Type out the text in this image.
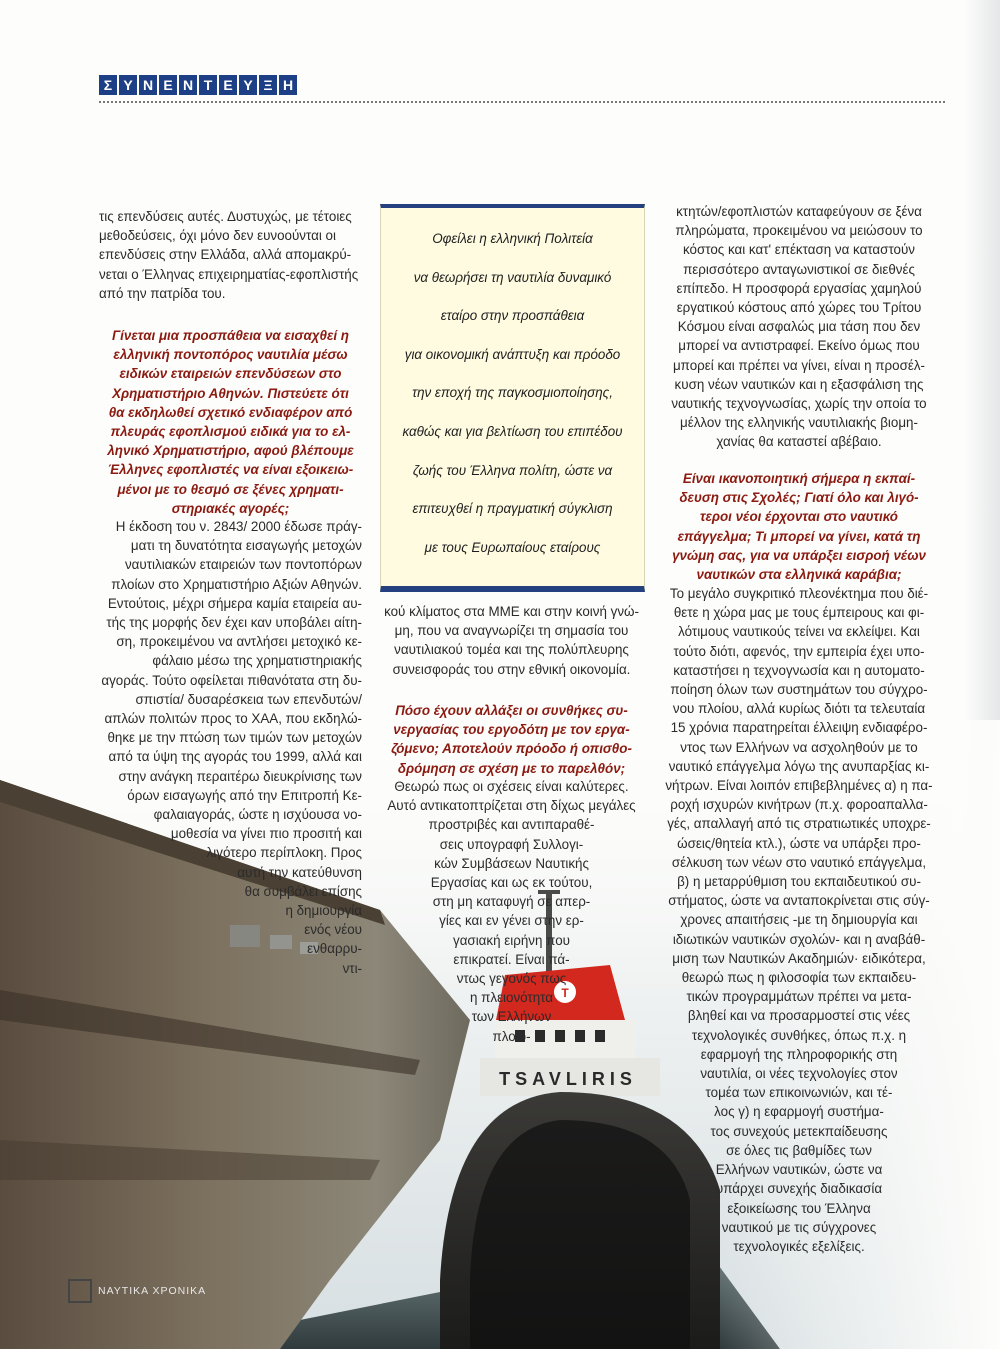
Σ Υ Ν Ε Ν Τ Ε Υ Ξ Η
T
TSAVLIRIS

τις επενδύσεις αυτές. Δυστυχώς, με τέτοιες

μεθοδεύσεις, όχι μόνο δεν ευνοούνται οι

επενδύσεις στην Ελλάδα, αλλά απομακρύ-

νεται ο Έλληνας επιχειρηματίας-εφοπλιστής

από την πατρίδα του.

Γίνεται μια προσπάθεια να εισαχθεί η

ελληνική ποντοπόρος ναυτιλία μέσω

ειδικών εταιρειών επενδύσεων στο

Χρηματιστήριο Αθηνών. Πιστεύετε ότι

θα εκδηλωθεί σχετικό ενδιαφέρον από

πλευράς εφοπλισμού ειδικά για το ελ-

ληνικό Χρηματιστήριο, αφού βλέπουμε

Έλληνες εφοπλιστές να είναι εξοικειω-

μένοι με το θεσμό σε ξένες χρηματι-

στηριακές αγορές;

Η έκδοση του ν. 2843/ 2000 έδωσε πράγ-

ματι τη δυνατότητα εισαγωγής μετοχών

ναυτιλιακών εταιρειών των ποντοπόρων

πλοίων στο Χρηματιστήριο Αξιών Αθηνών.

Εντούτοις, μέχρι σήμερα καμία εταιρεία αυ-

τής της μορφής δεν έχει καν υποβάλει αίτη-

ση, προκειμένου να αντλήσει μετοχικό κε-

φάλαιο μέσω της χρηματιστηριακής

αγοράς. Τούτο οφείλεται πιθανότατα στη δυ-

σπιστία/ δυσαρέσκεια των επενδυτών/

απλών πολιτών προς το ΧΑΑ, που εκδηλώ-

θηκε με την πτώση των τιμών των μετοχών

από τα ύψη της αγοράς του 1999, αλλά και

στην ανάγκη περαιτέρω διευκρίνισης των

όρων εισαγωγής από την Επιτροπή Κε-

φαλαιαγοράς, ώστε η ισχύουσα νο-

μοθεσία να γίνει πιο προσιτή και

λιγότερο περίπλοκη. Προς

αυτή την κατεύθυνση

θα συμβάλει επίσης

η δημιουργία

ενός νέου

ενθαρρυ-

ντι-

Οφείλει η ελληνική Πολιτεία

να θεωρήσει τη ναυτιλία δυναμικό

εταίρο στην προσπάθεια

για οικονομική ανάπτυξη και πρόοδο

την εποχή της παγκοσμιοποίησης,

καθώς και για βελτίωση του επιπέδου

ζωής του Έλληνα πολίτη, ώστε να

επιτευχθεί η πραγματική σύγκλιση

με τους Ευρωπαίους εταίρους

κού κλίματος στα ΜΜΕ και στην κοινή γνώ-

μη, που να αναγνωρίζει τη σημασία του

ναυτιλιακού τομέα και της πολύπλευρης

συνεισφοράς του στην εθνική οικονομία.

Πόσο έχουν αλλάξει οι συνθήκες συ-

νεργασίας του εργοδότη με τον εργα-

ζόμενο; Αποτελούν πρόοδο ή οπισθο-

δρόμηση σε σχέση με το παρελθόν;

Θεωρώ πως οι σχέσεις είναι καλύτερες.

Αυτό αντικατοπτρίζεται στη δίχως μεγάλες

προστριβές και αντιπαραθέ-

σεις υπογραφή Συλλογι-

κών Συμβάσεων Ναυτικής

Εργασίας και ως εκ τούτου,

στη μη καταφυγή σε απερ-

γίες και εν γένει στην ερ-

γασιακή ειρήνη που

επικρατεί. Είναι πά-

ντως γεγονός πως

η πλειονότητα

των Ελλήνων

πλοιο-

κτητών/εφοπλιστών καταφεύγουν σε ξένα

πληρώματα, προκειμένου να μειώσουν το

κόστος και κατ' επέκταση να καταστούν

περισσότερο ανταγωνιστικοί σε διεθνές

επίπεδο. Η προσφορά εργασίας χαμηλού

εργατικού κόστους από χώρες του Τρίτου

Κόσμου είναι ασφαλώς μια τάση που δεν

μπορεί να αντιστραφεί. Εκείνο όμως που

μπορεί και πρέπει να γίνει, είναι η προσέλ-

κυση νέων ναυτικών και η εξασφάλιση της

ναυτικής τεχνογνωσίας, χωρίς την οποία το

μέλλον της ελληνικής ναυτιλιακής βιομη-

χανίας θα καταστεί αβέβαιο.

Είναι ικανοποιητική σήμερα η εκπαί-

δευση στις Σχολές; Γιατί όλο και λιγό-

τεροι νέοι έρχονται στο ναυτικό

επάγγελμα; Τι μπορεί να γίνει, κατά τη

γνώμη σας, για να υπάρξει εισροή νέων

ναυτικών στα ελληνικά καράβια;

Το μεγάλο συγκριτικό πλεονέκτημα που διέ-

θετε η χώρα μας με τους έμπειρους και φι-

λότιμους ναυτικούς τείνει να εκλείψει. Και

τούτο διότι, αφενός, την εμπειρία έχει υπο-

καταστήσει η τεχνογνωσία και η αυτοματο-

ποίηση όλων των συστημάτων του σύγχρο-

νου πλοίου, αλλά κυρίως διότι τα τελευταία

15 χρόνια παρατηρείται έλλειψη ενδιαφέρο-

ντος των Ελλήνων να ασχοληθούν με το

ναυτικό επάγγελμα λόγω της ανυπαρξίας κι-

νήτρων. Είναι λοιπόν επιβεβλημένες α) η πα-

ροχή ισχυρών κινήτρων (π.χ. φοροαπαλλα-

γές, απαλλαγή από τις στρατιωτικές υποχρε-

ώσεις/θητεία κτλ.), ώστε να υπάρξει προ-

σέλκυση των νέων στο ναυτικό επάγγελμα,

β) η μεταρρύθμιση του εκπαιδευτικού συ-

στήματος, ώστε να ανταποκρίνεται στις σύγ-

χρονες απαιτήσεις -με τη δημιουργία και

ιδιωτικών ναυτικών σχολών- και η αναβάθ-

μιση των Ναυτικών Ακαδημιών· ειδικότερα,

θεωρώ πως η φιλοσοφία των εκπαιδευ-

τικών προγραμμάτων πρέπει να μετα-

βληθεί και να προσαρμοστεί στις νέες

τεχνολογικές συνθήκες, όπως π.χ. η

εφαρμογή της πληροφορικής στη

ναυτιλία, οι νέες τεχνολογίες στον

τομέα των επικοινωνιών, και τέ-

λος γ) η εφαρμογή συστήμα-

τος συνεχούς μετεκπαίδευσης

σε όλες τις βαθμίδες των

Ελλήνων ναυτικών, ώστε να

υπάρχει συνεχής διαδικασία

εξοικείωσης του Έλληνα

ναυτικού με τις σύγχρονες

τεχνολογικές εξελίξεις.

ΝΑΥΤΙΚΑ ΧΡΟΝΙΚΑ
